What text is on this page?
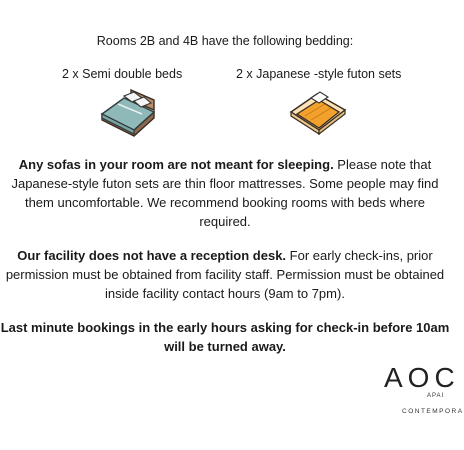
Rooms 2B and 4B have the following bedding:
2 x Semi double beds	2 x Japanese -style futon sets

Any sofas in your room are not meant for sleeping. Please note that Japanese-style futon sets are thin floor mattresses. Some people may find them uncomfortable. We recommend booking rooms with beds where required.

Our facility does not have a reception desk. For early check-ins, prior permission must be obtained from facility staff. Permission must be obtained inside facility contact hours (9am to 7pm).

Last minute bookings in the early hours asking for check-in before 10am will be turned away.

AOC
APAI
CONTEMPORA
